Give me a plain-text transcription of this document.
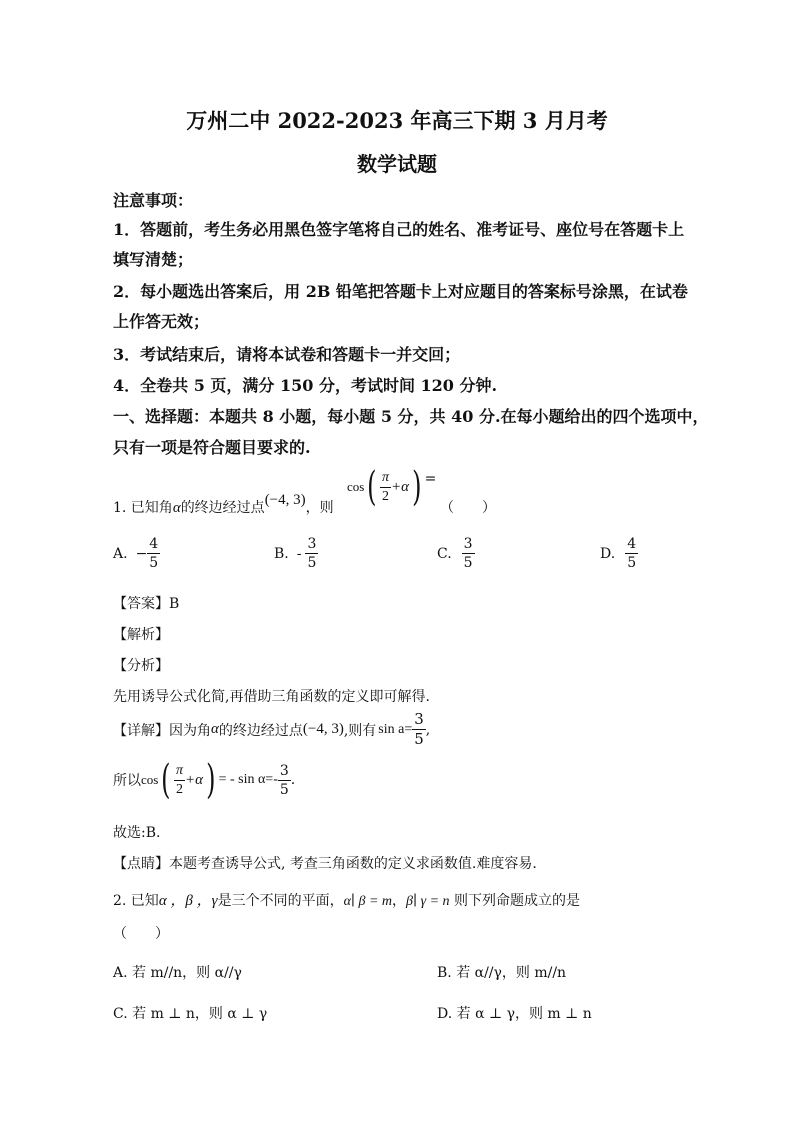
万州二中 2022-2023 年高三下期 3 月月考
数学试题
注意事项：
1．答题前，考生务必用黑色签字笔将自己的姓名、准考证号、座位号在答题卡上
填写清楚；
2．每小题选出答案后，用 2B 铅笔把答题卡上对应题目的答案标号涂黑，在试卷
上作答无效；
3．考试结束后，请将本试卷和答题卡一并交回；
4．全卷共 5 页，满分 150 分，考试时间 120 分钟.
一、选择题：本题共 8 小题，每小题 5 分，共 40 分.在每小题给出的四个选项中，
只有一项是符合题目要求的.
1. 已知角α的终边经过点(−4, 3)，则
cos ( $\frac{\pi}{2} +\alpha$ ) =
（　　）
A. − $\frac{4}{5}$	B. - $\frac{3}{5}$	C. $\frac{3}{5}$	D. $\frac{4}{5}$
【答案】B
【解析】
【分析】
先用诱导公式化简,再借助三角函数的定义即可解得.
【详解】 因为角 α 的终边经过点 (−4, 3) ,则有 $\sin a= \frac{3}{5}$ ,
所以 cos ( $\frac{\pi}{2} +\alpha$ ) = - $\sin \alpha=- \frac{3}{5}$ .
故选:B.
【点睛】本题考查诱导公式, 考查三角函数的定义求函数值.难度容易.
2. 已知α ，β ，γ是三个不同的平面，α∣ β = m，β∣ γ = n 则下列命题成立的是
（　　）
A. 若 m//n，则 α//γ	B. 若 α//γ，则 m//n
C. 若 m ⊥ n，则 α ⊥ γ	D. 若 α ⊥ γ，则 m ⊥ n
